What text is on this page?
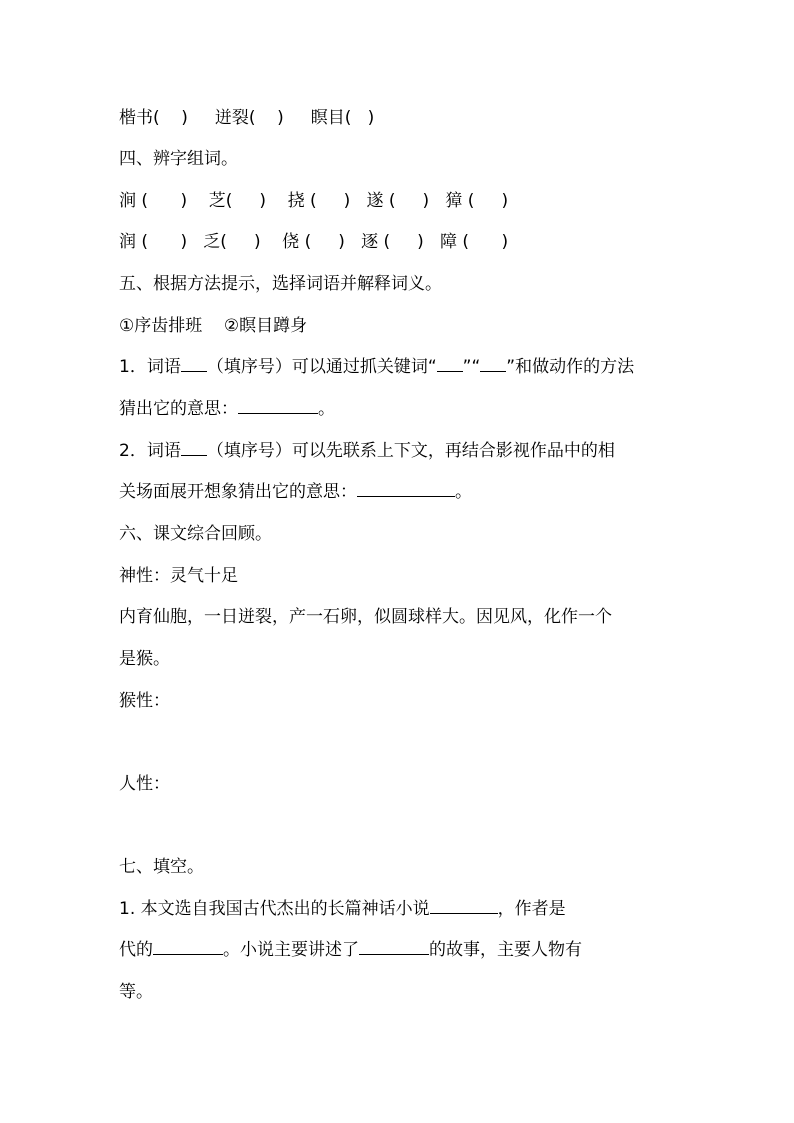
楷书(    )     迸裂(    )     瞑目(   )
四、辨字组词。
涧 (      )    芝(     )    挠 (     )   遂 (     )   獐 (     )
润 (      )   乏(     )    侥 (     )   逐 (     )   障 (      )
五、根据方法提示，选择词语并解释词义。
①序齿排班    ②瞑目蹲身
1．词语 （填序号）可以通过抓关键词“ ”“ ”和做动作的方法
猜出它的意思：	。
2．词语 （填序号）可以先联系上下文，再结合影视作品中的相
关场面展开想象猜出它的意思：	。
六、课文综合回顾。
神性：灵气十足
内育仙胞，一日迸裂，产一石卵，似圆球样大。因见风，化作一个
是猴。
猴性：
人性：
七、填空。
1. 本文选自我国古代杰出的长篇神话小说	，作者是
代的	。小说主要讲述了	的故事，主要人物有
等。
